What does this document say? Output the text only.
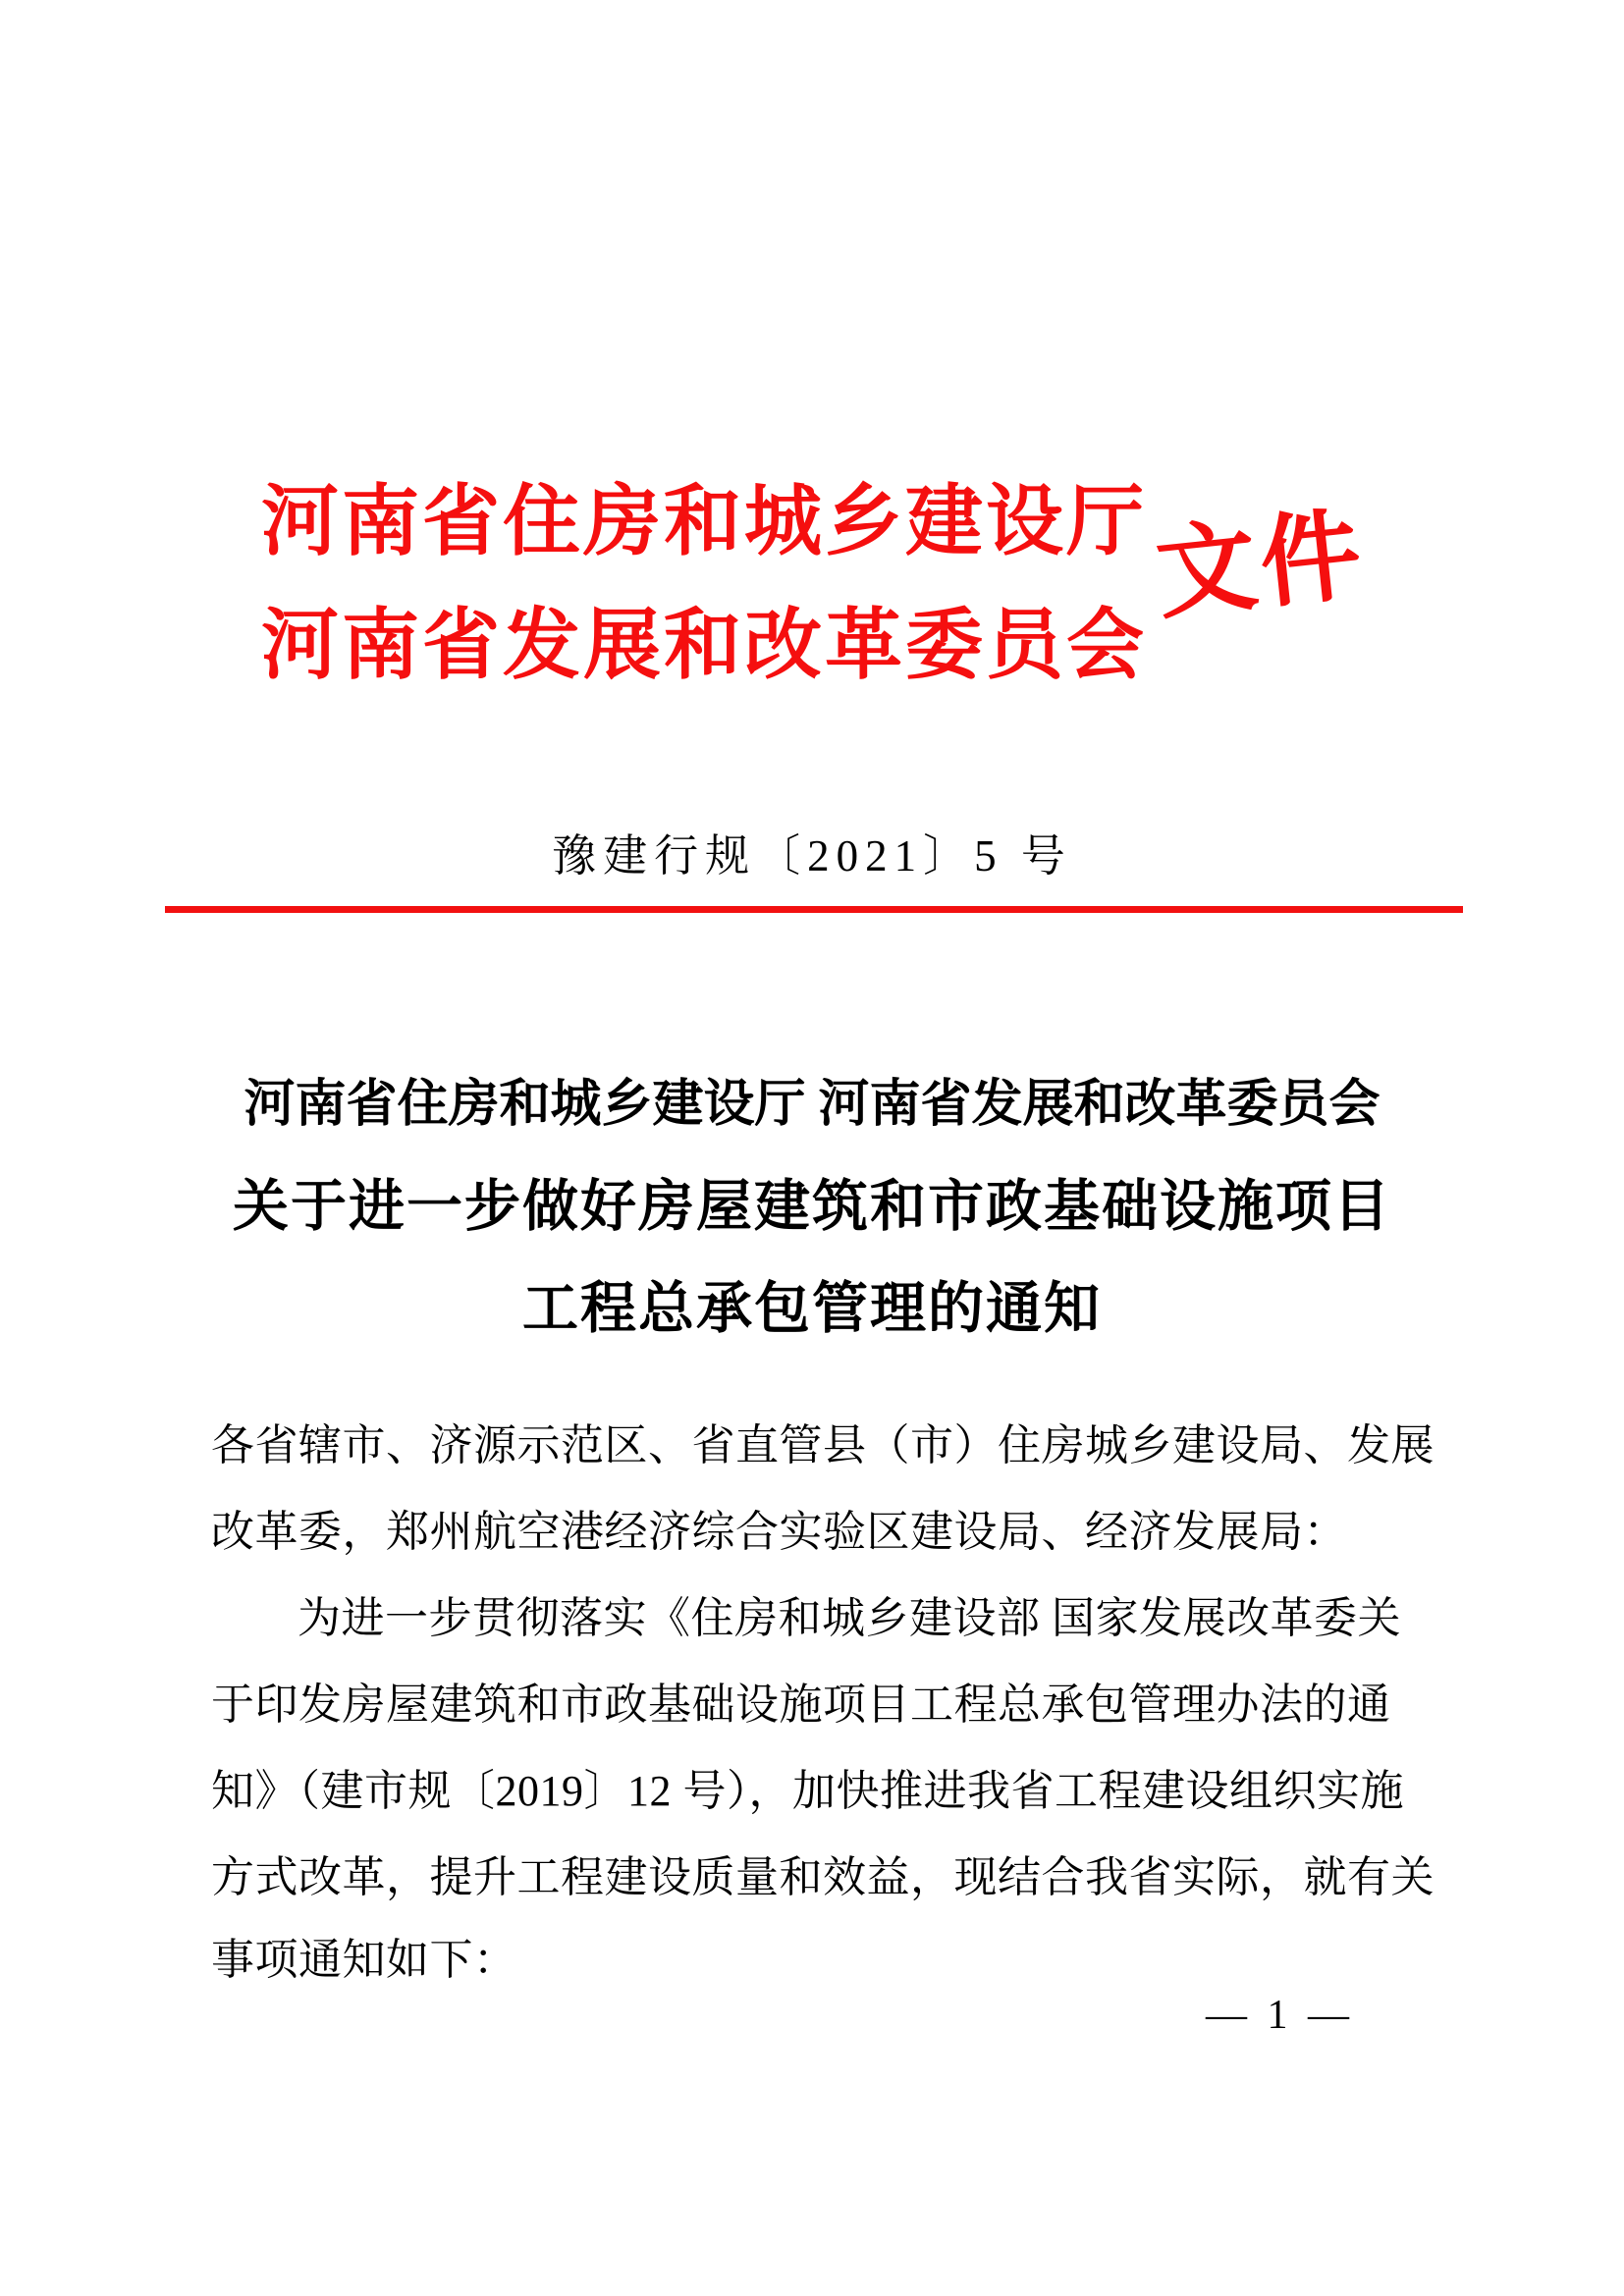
河南省住房和城乡建设厅
河南省发展和改革委员会
文件
豫建行规〔2021〕5 号
河南省住房和城乡建设厅 河南省发展和改革委员会
关于进一步做好房屋建筑和市政基础设施项目
工程总承包管理的通知
各省辖市、济源示范区、省直管县（市）住房城乡建设局、发展
改革委，郑州航空港经济综合实验区建设局、经济发展局：
为进一步贯彻落实《住房和城乡建设部 国家发展改革委关
于印发房屋建筑和市政基础设施项目工程总承包管理办法的通
知》（建市规〔2019〕12 号），加快推进我省工程建设组织实施
方式改革，提升工程建设质量和效益，现结合我省实际，就有关
事项通知如下：
— 1 —
